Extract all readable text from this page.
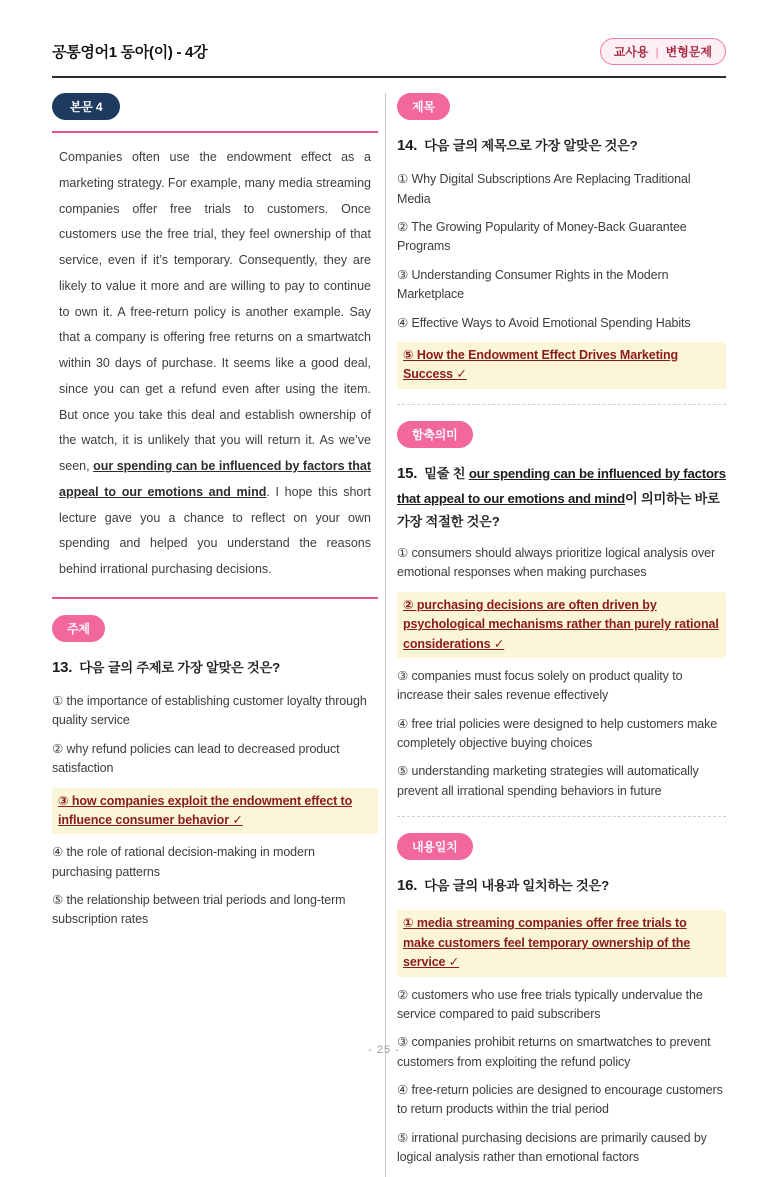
공통영어1 동아(이) - 4강	교사용 | 변형문제
본문 4
Companies often use the endowment effect as a marketing strategy. For example, many media streaming companies offer free trials to customers. Once customers use the free trial, they feel ownership of that service, even if it’s temporary. Consequently, they are likely to value it more and are willing to pay to continue to own it. A free-return policy is another example. Say that a company is offering free returns on a smartwatch within 30 days of purchase. It seems like a good deal, since you can get a refund even after using the item. But once you take this deal and establish ownership of the watch, it is unlikely that you will return it. As we’ve seen, our spending can be influenced by factors that appeal to our emotions and mind. I hope this short lecture gave you a chance to reflect on your own spending and helped you understand the reasons behind irrational purchasing decisions.
주제
13. 다음 글의 주제로 가장 알맞은 것은?
① the importance of establishing customer loyalty through quality service
② why refund policies can lead to decreased product satisfaction
③ how companies exploit the endowment effect to influence consumer behavior ✓
④ the role of rational decision-making in modern purchasing patterns
⑤ the relationship between trial periods and long-term subscription rates
제목
14. 다음 글의 제목으로 가장 알맞은 것은?
① Why Digital Subscriptions Are Replacing Traditional Media
② The Growing Popularity of Money-Back Guarantee Programs
③ Understanding Consumer Rights in the Modern Marketplace
④ Effective Ways to Avoid Emotional Spending Habits
⑤ How the Endowment Effect Drives Marketing Success ✓
함축의미
15. 밑줄 친 our spending can be influenced by factors that appeal to our emotions and mind이 의미하는 바로 가장 적절한 것은?
① consumers should always prioritize logical analysis over emotional responses when making purchases
② purchasing decisions are often driven by psychological mechanisms rather than purely rational considerations ✓
③ companies must focus solely on product quality to increase their sales revenue effectively
④ free trial policies were designed to help customers make completely objective buying choices
⑤ understanding marketing strategies will automatically prevent all irrational spending behaviors in future
내용일치
16. 다음 글의 내용과 일치하는 것은?
① media streaming companies offer free trials to make customers feel temporary ownership of the service ✓
② customers who use free trials typically undervalue the service compared to paid subscribers
③ companies prohibit returns on smartwatches to prevent customers from exploiting the refund policy
④ free-return policies are designed to encourage customers to return products within the trial period
⑤ irrational purchasing decisions are primarily caused by logical analysis rather than emotional factors
- 25 -
